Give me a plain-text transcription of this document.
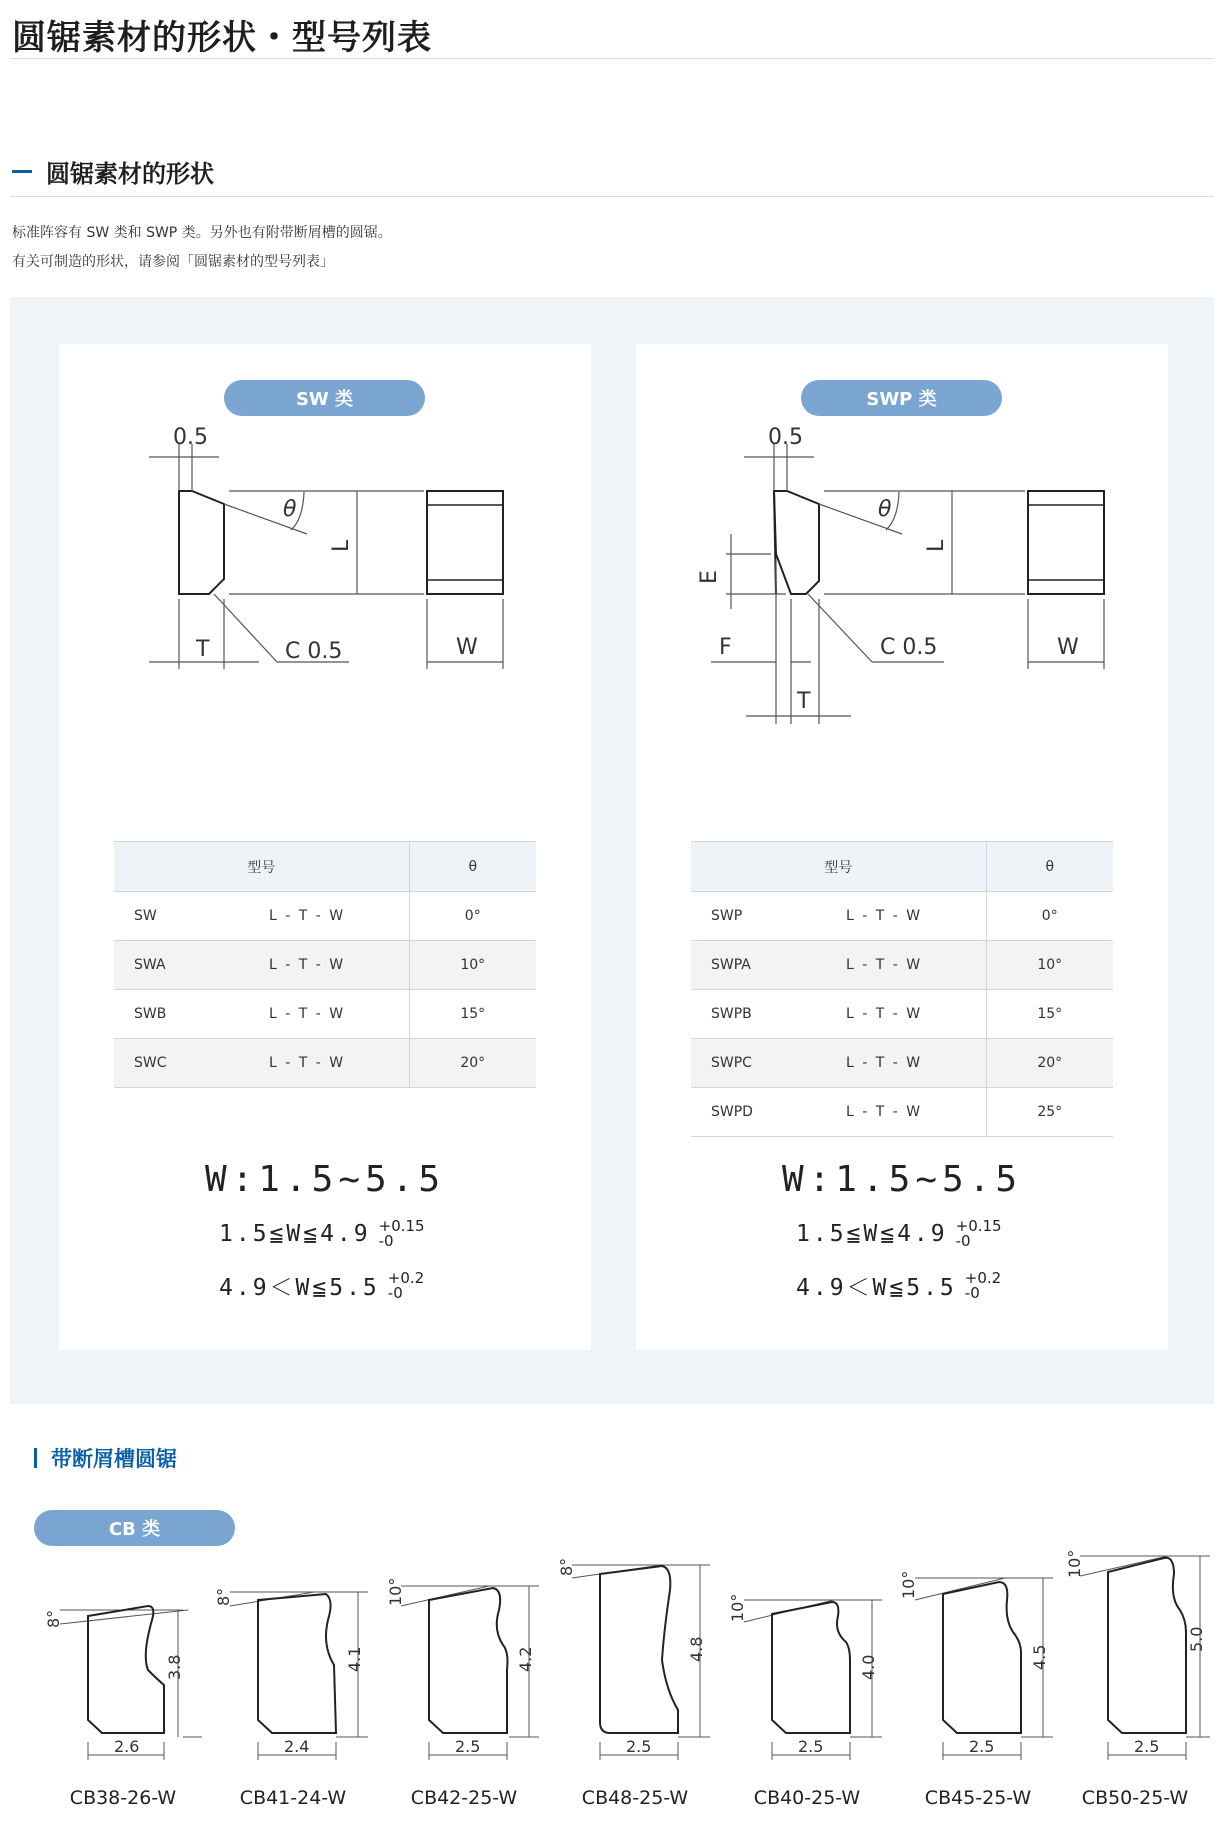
圆锯素材的形状・型号列表
圆锯素材的形状
标准阵容有 SW 类和 SWP 类。另外也有附带断屑槽的圆锯。
有关可制造的形状，请参阅「圆锯素材的型号列表」
SW 类
0.5
θ
L
T	C 0.5	W
型号	θ
SW L - T - W	0°
SWA L - T - W	10°
SWB L - T - W	15°
SWC L - T - W	20°
W:1.5~5.5
1.5≦W≦4.9 +0.15
-0
4.9＜W≦5.5 +0.2
-0
SWP 类
0.5
θ
L
E
F
T
C 0.5	W
型号	θ
SWP L - T - W	0°
SWPA L - T - W	10°
SWPB L - T - W	15°
SWPC L - T - W	20°
SWPD L - T - W	25°
W:1.5~5.5
1.5≦W≦4.9 +0.15
-0
4.9＜W≦5.5 +0.2
-0
带断屑槽圆锯
CB 类
8°
3.8
2.6
CB38-26-W
8°
4.1
2.4
CB41-24-W
10°
4.2
2.5
CB42-25-W
8°
4.8
2.5
CB48-25-W
10°
4.0
2.5
CB40-25-W
10°
4.5
2.5
CB45-25-W
10°
5.0
2.5
CB50-25-W
